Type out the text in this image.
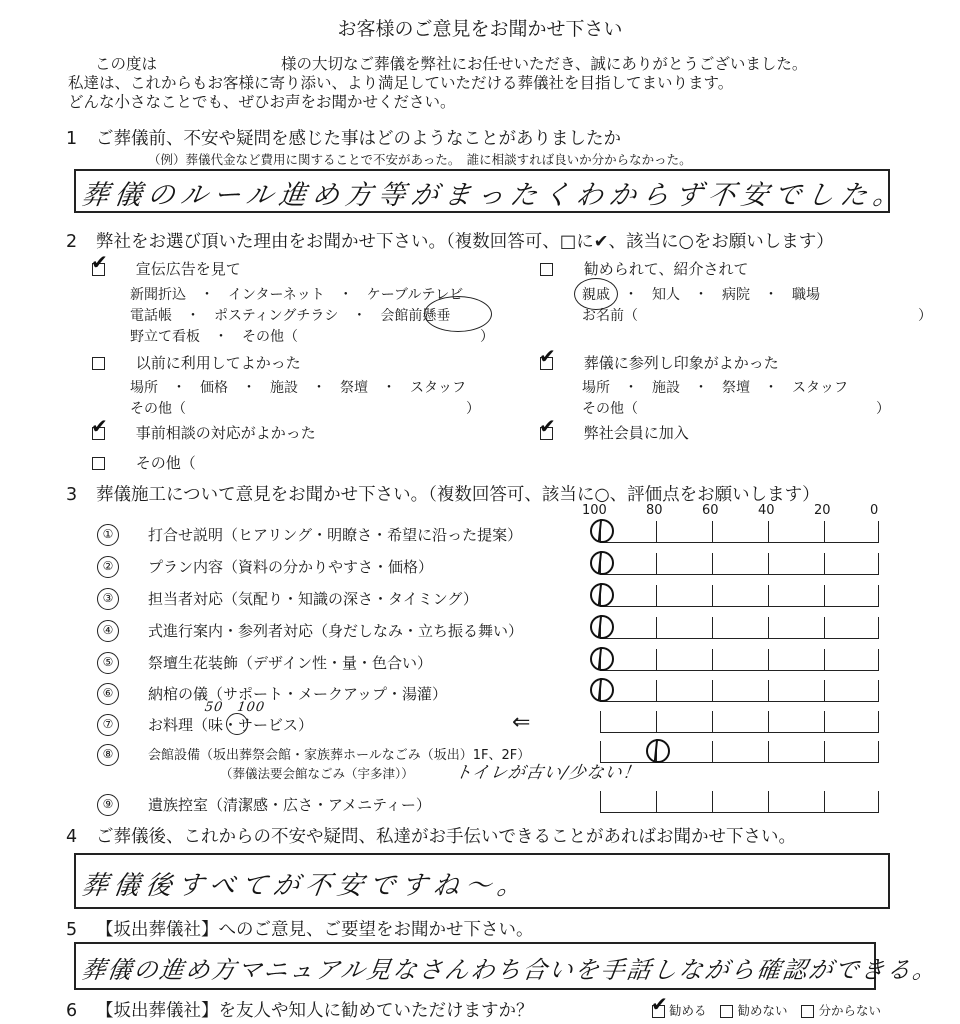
お客様のご意見をお聞かせ下さい
この度は　　　　　　　　様の大切なご葬儀を弊社にお任せいただき、誠にありがとうございました。
私達は、これからもお客様に寄り添い、より満足していただける葬儀社を目指してまいります。
どんな小さなことでも、ぜひお声をお聞かせください。
1 ご葬儀前、不安や疑問を感じた事はどのようなことがありましたか
（例）葬儀代金など費用に関することで不安があった。　誰に相談すれば良いか分からなかった。
葬儀のルール進め方等がまったくわからず不安でした。
2 弊社をお選び頂いた理由をお聞かせ下さい。（複数回答可、□に✔、該当に○をお願いします）
✔ 宣伝広告を見て
新聞折込　・　インターネット　・　ケーブルテレビ
電話帳　・　ポスティングチラシ　・　会館前懸垂
野立て看板　・　その他（　　　　　　　　　　　　　）
勧められて、紹介されて
親戚　・　知人　・　病院　・　職場
お名前（　　　　　　　　　　　　　　　　　　　　）
以前に利用してよかった
場所　・　価格　・　施設　・　祭壇　・　スタッフ
その他（　　　　　　　　　　　　　　　　　　　　）
✔ 葬儀に参列し印象がよかった
場所　・　施設　・　祭壇　・　スタッフ
その他（　　　　　　　　　　　　　　　　　）
✔ 事前相談の対応がよかった	✔ 弊社会員に加入
その他（
3 葬儀施工について意見をお聞かせ下さい。（複数回答可、該当に○、評価点をお願いします）
100	80	60	40	20	0
①	打合せ説明（ヒアリング・明瞭さ・希望に沿った提案）
②	プラン内容（資料の分かりやすさ・価格）
③	担当者対応（気配り・知識の深さ・タイミング）
④	式進行案内・参列者対応（身だしなみ・立ち振る舞い）
⑤	祭壇生花装飾（デザイン性・量・色合い）
⑥	納棺の儀（サポート・メークアップ・湯灌）
⑦	お料理（味・サービス）
50　100
⇐
⑧	会館設備（坂出葬祭会館・家族葬ホールなごみ（坂出）1F、2F）
（葬儀法要会館なごみ（宇多津）） トイレが古い/少ない！
⑨	遺族控室（清潔感・広さ・アメニティー）
4 ご葬儀後、これからの不安や疑問、私達がお手伝いできることがあればお聞かせ下さい。
葬儀後すべてが不安ですね～。
5 【坂出葬儀社】へのご意見、ご要望をお聞かせ下さい。
葬儀の進め方マニュアル見なさんわち合いを手話しながら確認ができる。
6 【坂出葬儀社】を友人や知人に勧めていただけますか？	✔ 勧める 勧めない 分からない
